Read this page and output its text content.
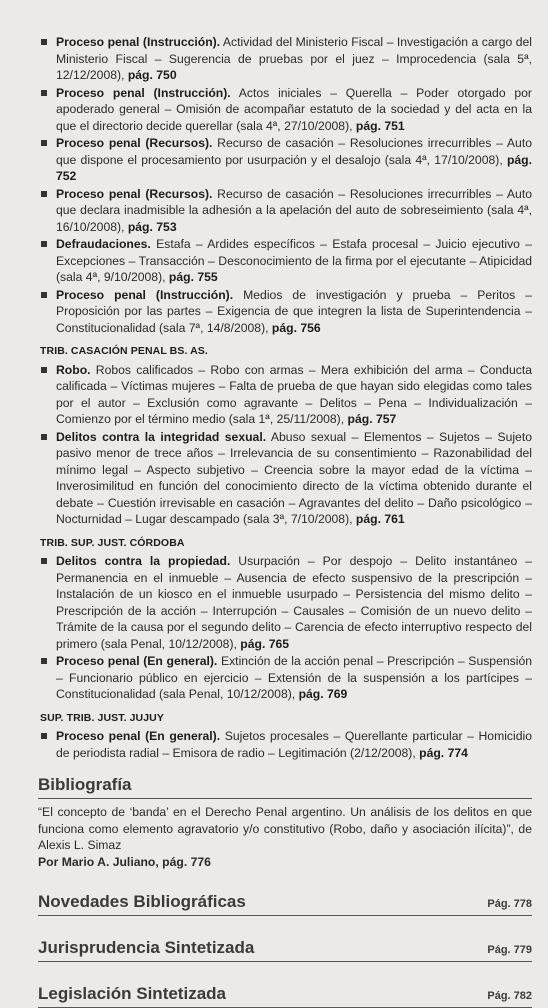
Proceso penal (Instrucción). Actividad del Ministerio Fiscal – Investigación a cargo del Ministerio Fiscal – Sugerencia de pruebas por el juez – Improcedencia (sala 5ª, 12/12/2008), pág. 750
Proceso penal (Instrucción). Actos iniciales – Querella – Poder otorgado por apoderado general – Omisión de acompañar estatuto de la sociedad y del acta en la que el directorio decide querellar (sala 4ª, 27/10/2008), pág. 751
Proceso penal (Recursos). Recurso de casación – Resoluciones irrecurribles – Auto que dispone el procesamiento por usurpación y el desalojo (sala 4ª, 17/10/2008), pág. 752
Proceso penal (Recursos). Recurso de casación – Resoluciones irrecurribles – Auto que declara inadmisible la adhesión a la apelación del auto de sobreseimiento (sala 4ª, 16/10/2008), pág. 753
Defraudaciones. Estafa – Ardides específicos – Estafa procesal – Juicio ejecutivo – Excepciones – Transacción – Desconocimiento de la firma por el ejecutante – Atipicidad (sala 4ª, 9/10/2008), pág. 755
Proceso penal (Instrucción). Medios de investigación y prueba – Peritos – Proposición por las partes – Exigencia de que integren la lista de Superintendencia – Constitucionalidad (sala 7ª, 14/8/2008), pág. 756
TRIB. CASACIÓN PENAL BS. AS.
Robo. Robos calificados – Robo con armas – Mera exhibición del arma – Conducta calificada – Víctimas mujeres – Falta de prueba de que hayan sido elegidas como tales por el autor – Exclusión como agravante – Delitos – Pena – Individualización – Comienzo por el término medio (sala 1ª, 25/11/2008), pág. 757
Delitos contra la integridad sexual. Abuso sexual – Elementos – Sujetos – Sujeto pasivo menor de trece años – Irrelevancia de su consentimiento – Razonabilidad del mínimo legal – Aspecto subjetivo – Creencia sobre la mayor edad de la víctima – Inverosimilitud en función del conocimiento directo de la víctima obtenido durante el debate – Cuestión irrevisable en casación – Agravantes del delito – Daño psicológico – Nocturnidad – Lugar descampado (sala 3ª, 7/10/2008), pág. 761
TRIB. SUP. JUST. CÓRDOBA
Delitos contra la propiedad. Usurpación – Por despojo – Delito instantáneo – Permanencia en el inmueble – Ausencia de efecto suspensivo de la prescripción – Instalación de un kiosco en el inmueble usurpado – Persistencia del mismo delito – Prescripción de la acción – Interrupción – Causales – Comisión de un nuevo delito – Trámite de la causa por el segundo delito – Carencia de efecto interruptivo respecto del primero (sala Penal, 10/12/2008), pág. 765
Proceso penal (En general). Extinción de la acción penal – Prescripción – Suspensión – Funcionario público en ejercicio – Extensión de la suspensión a los partícipes – Constitucionalidad (sala Penal, 10/12/2008), pág. 769
SUP. TRIB. JUST. JUJUY
Proceso penal (En general). Sujetos procesales – Querellante particular – Homicidio de periodista radial – Emisora de radio – Legitimación (2/12/2008), pág. 774
Bibliografía
“El concepto de ‘banda’ en el Derecho Penal argentino. Un análisis de los delitos en que funciona como elemento agravatorio y/o constitutivo (Robo, daño y asociación ilícita)”, de Alexis L. Simaz
Por Mario A. Juliano, pág. 776
Novedades Bibliográficas	Pág. 778
Jurisprudencia Sintetizada	Pág. 779
Legislación Sintetizada	Pág. 782
